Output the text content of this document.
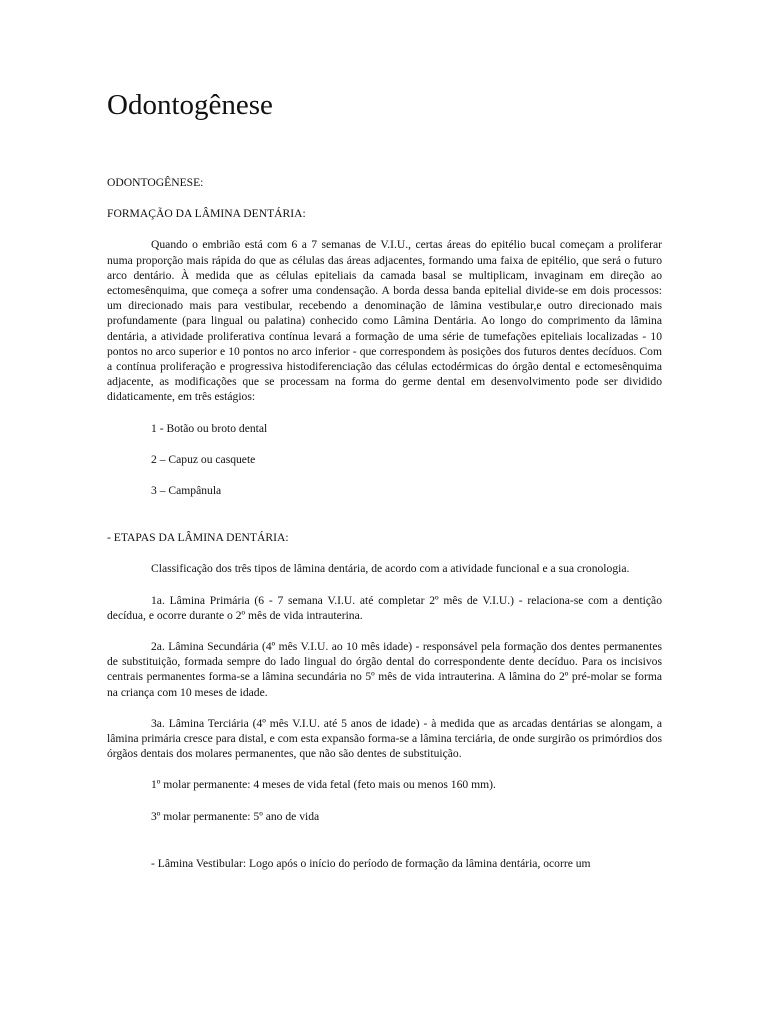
Odontogênese

ODONTOGÊNESE:

FORMAÇÃO DA LÂMINA DENTÁRIA:

Quando o embrião está com 6 a 7 semanas de V.I.U., certas áreas do epitélio bucal começam a proliferar numa proporção mais rápida do que as células das áreas adjacentes, formando uma faixa de epitélio, que será o futuro arco dentário. À medida que as células epiteliais da camada basal se multiplicam, invaginam em direção ao ectomesênquima, que começa a sofrer uma condensação. A borda dessa banda epitelial divide-se em dois processos: um direcionado mais para vestibular, recebendo a denominação de lâmina vestibular,e outro direcionado mais profundamente (para lingual ou palatina) conhecido como Lâmina Dentária. Ao longo do comprimento da lâmina dentária, a atividade proliferativa contínua levará a formação de uma série de tumefações epiteliais localizadas - 10 pontos no arco superior e 10 pontos no arco inferior - que correspondem às posições dos futuros dentes decíduos. Com a contínua proliferação e progressiva histodiferenciação das células ectodérmicas do órgão dental e ectomesênquima adjacente, as modificações que se processam na forma do germe dental em desenvolvimento pode ser dividido didaticamente, em três estágios:

1 - Botão ou broto dental

2 – Capuz ou casquete

3 – Campânula

- ETAPAS DA LÂMINA DENTÁRIA:

Classificação dos três tipos de lâmina dentária, de acordo com a atividade funcional e a sua cronologia.

1a. Lâmina Primária (6 - 7 semana V.I.U. até completar 2º mês de V.I.U.) - relaciona-se com a dentição decídua, e ocorre durante o 2º mês de vida intrauterina.

2a. Lâmina Secundária (4º mês V.I.U. ao 10 mês idade) - responsável pela formação dos dentes permanentes de substituição, formada sempre do lado lingual do órgão dental do correspondente dente decíduo. Para os incisivos centrais permanentes forma-se a lâmina secundária no 5º mês de vida intrauterina. A lâmina do 2º pré-molar se forma na criança com 10 meses de idade.

3a. Lâmina Terciária (4º mês V.I.U. até 5 anos de idade) - à medida que as arcadas dentárias se alongam, a lâmina primária cresce para distal, e com esta expansão forma-se a lâmina terciária, de onde surgirão os primórdios dos órgãos dentais dos molares permanentes, que não são dentes de substituição.

1º molar permanente: 4 meses de vida fetal (feto mais ou menos 160 mm).

3º molar permanente: 5º ano de vida

- Lâmina Vestibular: Logo após o início do período de formação da lâmina dentária, ocorre um
